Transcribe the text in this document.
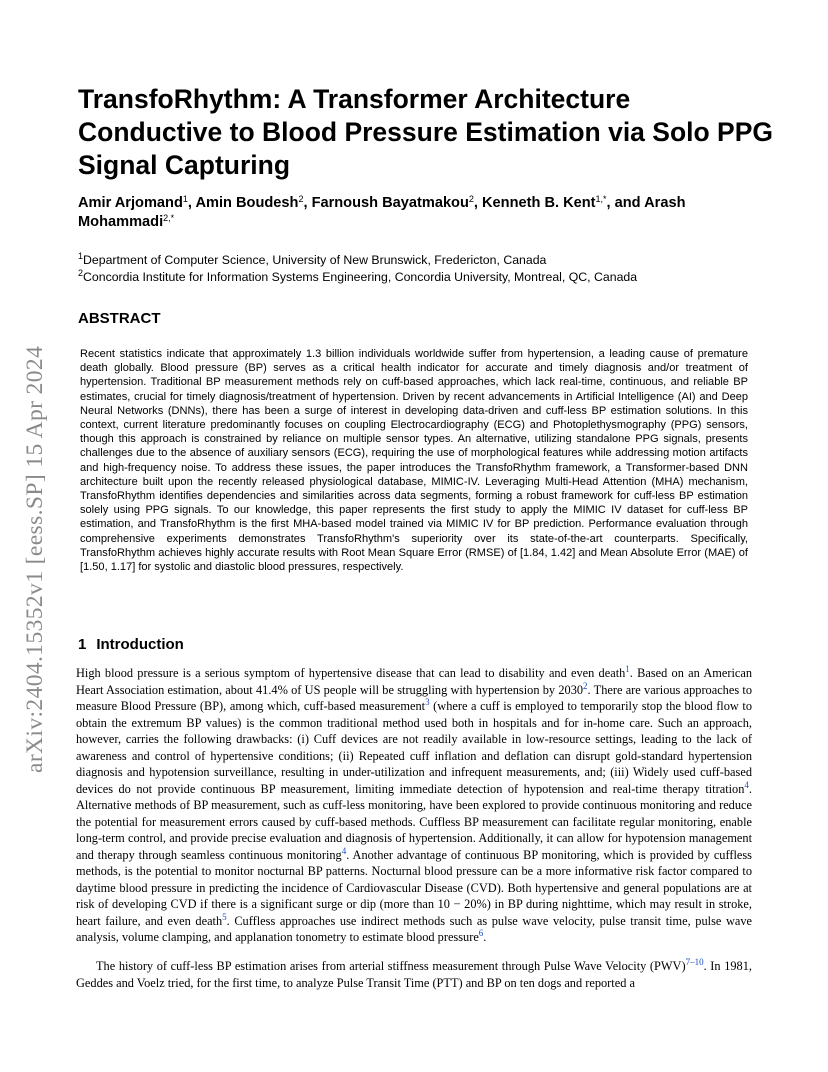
arXiv:2404.15352v1 [eess.SP] 15 Apr 2024
TransfoRhythm: A Transformer Architecture Conductive to Blood Pressure Estimation via Solo PPG Signal Capturing
Amir Arjomand$^1$, Amin Boudesh$^2$, Farnoush Bayatmakou$^2$, Kenneth B. Kent$^{1,*}$, and Arash Mohammadi$^{2,*}$
$^1$Department of Computer Science, University of New Brunswick, Fredericton, Canada
$^2$Concordia Institute for Information Systems Engineering, Concordia University, Montreal, QC, Canada
ABSTRACT

Recent statistics indicate that approximately 1.3 billion individuals worldwide suffer from hypertension, a leading cause of premature death globally. Blood pressure (BP) serves as a critical health indicator for accurate and timely diagnosis and/or treatment of hypertension. Traditional BP measurement methods rely on cuff-based approaches, which lack real-time, continuous, and reliable BP estimates, crucial for timely diagnosis/treatment of hypertension. Driven by recent advancements in Artificial Intelligence (AI) and Deep Neural Networks (DNNs), there has been a surge of interest in developing data-driven and cuff-less BP estimation solutions. In this context, current literature predominantly focuses on coupling Electrocardiography (ECG) and Photoplethysmography (PPG) sensors, though this approach is constrained by reliance on multiple sensor types. An alternative, utilizing standalone PPG signals, presents challenges due to the absence of auxiliary sensors (ECG), requiring the use of morphological features while addressing motion artifacts and high-frequency noise. To address these issues, the paper introduces the TransfoRhythm framework, a Transformer-based DNN architecture built upon the recently released physiological database, MIMIC-IV. Leveraging Multi-Head Attention (MHA) mechanism, TransfoRhythm identifies dependencies and similarities across data segments, forming a robust framework for cuff-less BP estimation solely using PPG signals. To our knowledge, this paper represents the first study to apply the MIMIC IV dataset for cuff-less BP estimation, and TransfoRhythm is the first MHA-based model trained via MIMIC IV for BP prediction. Performance evaluation through comprehensive experiments demonstrates TransfoRhythm's superiority over its state-of-the-art counterparts. Specifically, TransfoRhythm achieves highly accurate results with Root Mean Square Error (RMSE) of [1.84, 1.42] and Mean Absolute Error (MAE) of [1.50, 1.17] for systolic and diastolic blood pressures, respectively.

1 Introduction

High blood pressure is a serious symptom of hypertensive disease that can lead to disability and even death$^1$. Based on an American Heart Association estimation, about 41.4% of US people will be struggling with hypertension by 2030$^2$. There are various approaches to measure Blood Pressure (BP), among which, cuff-based measurement$^3$ (where a cuff is employed to temporarily stop the blood flow to obtain the extremum BP values) is the common traditional method used both in hospitals and for in-home care. Such an approach, however, carries the following drawbacks: (i) Cuff devices are not readily available in low-resource settings, leading to the lack of awareness and control of hypertensive conditions; (ii) Repeated cuff inflation and deflation can disrupt gold-standard hypertension diagnosis and hypotension surveillance, resulting in under-utilization and infrequent measurements, and; (iii) Widely used cuff-based devices do not provide continuous BP measurement, limiting immediate detection of hypotension and real-time therapy titration$^4$. Alternative methods of BP measurement, such as cuff-less monitoring, have been explored to provide continuous monitoring and reduce the potential for measurement errors caused by cuff-based methods. Cuffless BP measurement can facilitate regular monitoring, enable long-term control, and provide precise evaluation and diagnosis of hypertension. Additionally, it can allow for hypotension management and therapy through seamless continuous monitoring$^4$. Another advantage of continuous BP monitoring, which is provided by cuffless methods, is the potential to monitor nocturnal BP patterns. Nocturnal blood pressure can be a more informative risk factor compared to daytime blood pressure in predicting the incidence of Cardiovascular Disease (CVD). Both hypertensive and general populations are at risk of developing CVD if there is a significant surge or dip (more than 10 − 20%) in BP during nighttime, which may result in stroke, heart failure, and even death$^5$. Cuffless approaches use indirect methods such as pulse wave velocity, pulse transit time, pulse wave analysis, volume clamping, and applanation tonometry to estimate blood pressure$^6$.

The history of cuff-less BP estimation arises from arterial stiffness measurement through Pulse Wave Velocity (PWV)$^{7-10}$. In 1981, Geddes and Voelz tried, for the first time, to analyze Pulse Transit Time (PTT) and BP on ten dogs and reported a
